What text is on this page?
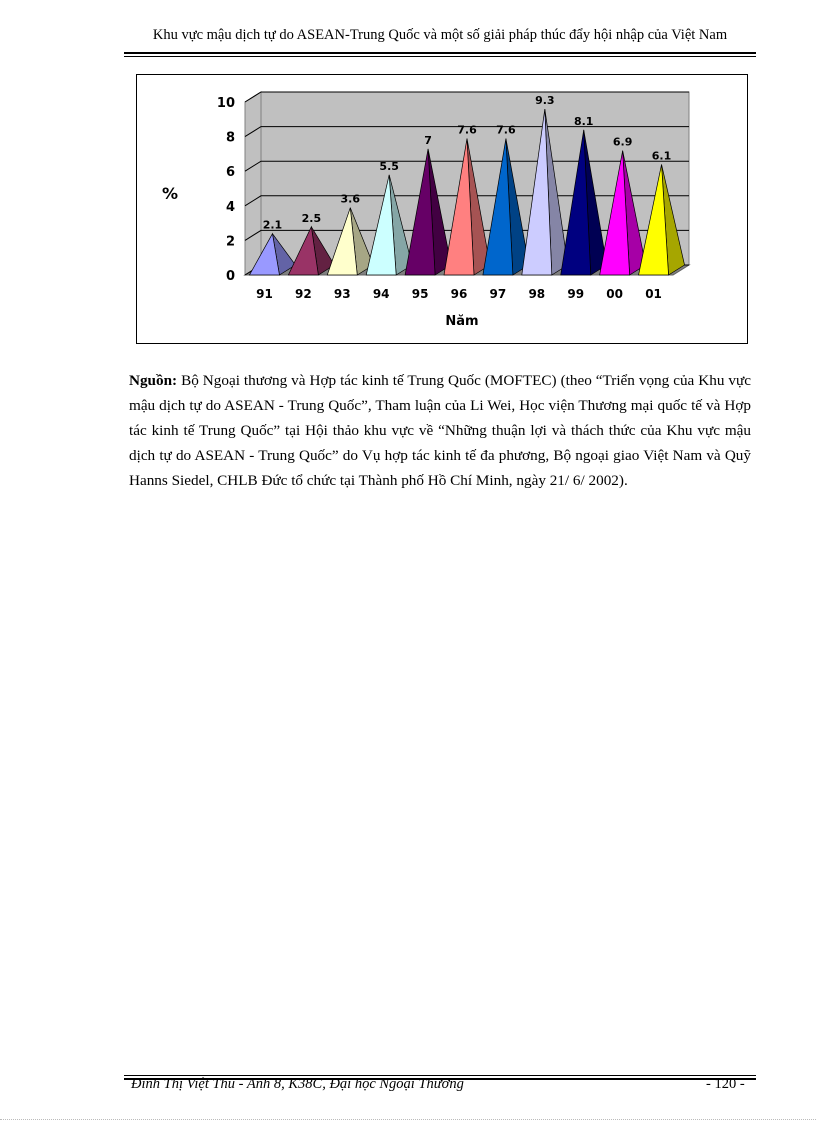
Khu vực mậu dịch tự do ASEAN-Trung Quốc và một số giải pháp thúc đẩy hội nhập của Việt Nam
0
2
4
6
8
10
2.1
2.5
3.6
5.5
7
7.6 7.6
9.3
8.1
6.9
6.1
91 92 93 94 95 96 97 98 99 00 01
%
Năm
Nguồn: Bộ Ngoại thương và Hợp tác kinh tế Trung Quốc (MOFTEC) (theo “Triển vọng của Khu vực mậu dịch tự do ASEAN - Trung Quốc”, Tham luận của Li Wei, Học viện Thương mại quốc tế và Hợp tác kinh tế Trung Quốc” tại Hội thảo khu vực về “Những thuận lợi và thách thức của Khu vực mậu dịch tự do ASEAN - Trung Quốc” do Vụ hợp tác kinh tế đa phương, Bộ ngoại giao Việt Nam và Quỹ Hanns Siedel, CHLB Đức tổ chức tại Thành phố Hồ Chí Minh, ngày 21/ 6/ 2002).
Đinh Thị Việt Thu - Anh 8, K38C, Đại học Ngoại Thương	- 120 -
